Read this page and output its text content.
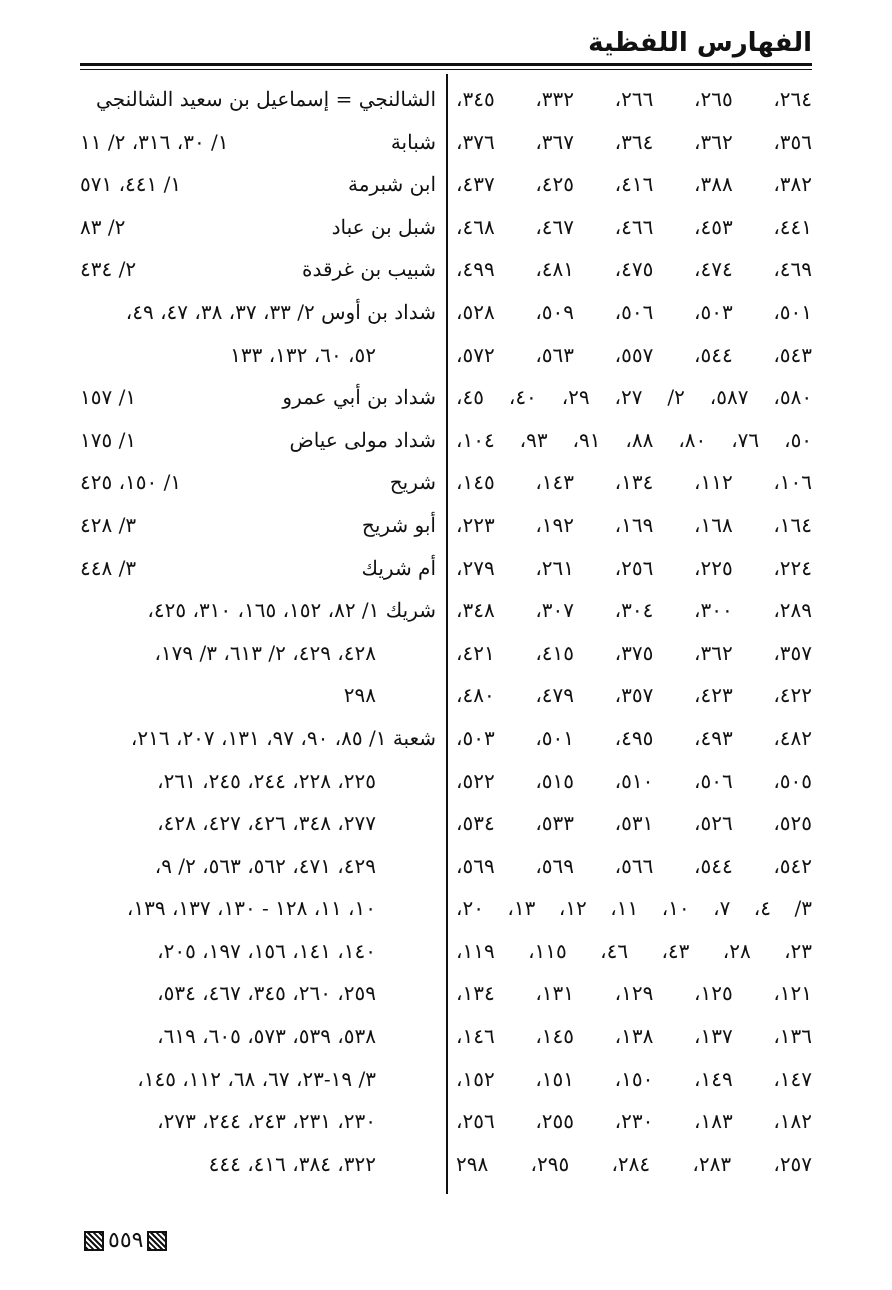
الفهارس اللفظية
٢٦٤، ٢٦٥، ٢٦٦، ٣٣٢، ٣٤٥،
٣٥٦، ٣٦٢، ٣٦٤، ٣٦٧، ٣٧٦،
٣٨٢، ٣٨٨، ٤١٦، ٤٢٥، ٤٣٧،
٤٤١، ٤٥٣، ٤٦٦، ٤٦٧، ٤٦٨،
٤٦٩، ٤٧٤، ٤٧٥، ٤٨١، ٤٩٩،
٥٠١، ٥٠٣، ٥٠٦، ٥٠٩، ٥٢٨،
٥٤٣، ٥٤٤، ٥٥٧، ٥٦٣، ٥٧٢،
٥٨٠، ٥٨٧، ٢/ ٢٧، ٢٩، ٤٠، ٤٥،
٥٠، ٧٦، ٨٠، ٨٨، ٩١، ٩٣، ١٠٤،
١٠٦، ١١٢، ١٣٤، ١٤٣، ١٤٥،
١٦٤، ١٦٨، ١٦٩، ١٩٢، ٢٢٣،
٢٢٤، ٢٢٥، ٢٥٦، ٢٦١، ٢٧٩،
٢٨٩، ٣٠٠، ٣٠٤، ٣٠٧، ٣٤٨،
٣٥٧، ٣٦٢، ٣٧٥، ٤١٥، ٤٢١،
٤٢٢، ٤٢٣، ٣٥٧، ٤٧٩، ٤٨٠،
٤٨٢، ٤٩٣، ٤٩٥، ٥٠١، ٥٠٣،
٥٠٥، ٥٠٦، ٥١٠، ٥١٥، ٥٢٢،
٥٢٥، ٥٢٦، ٥٣١، ٥٣٣، ٥٣٤،
٥٤٢، ٥٤٤، ٥٦٦، ٥٦٩، ٥٦٩،
٣/ ٤، ٧، ١٠، ١١، ١٢، ١٣، ٢٠،
٢٣، ٢٨، ٤٣، ٤٦، ١١٥، ١١٩،
١٢١، ١٢٥، ١٢٩، ١٣١، ١٣٤،
١٣٦، ١٣٧، ١٣٨، ١٤٥، ١٤٦،
١٤٧، ١٤٩، ١٥٠، ١٥١، ١٥٢،
١٨٢، ١٨٣، ٢٣٠، ٢٥٥، ٢٥٦،
٢٥٧، ٢٨٣، ٢٨٤، ٢٩٥، ٢٩٨
الشالنجي = إسماعيل بن سعيد الشالنجي
شبابة
١/ ٣٠، ٣١٦، ٢/ ١١
ابن شبرمة
١/ ٤٤١، ٥٧١
شبل بن عباد
٢/ ٨٣
شبيب بن غرقدة
٢/ ٤٣٤
شداد بن أوس ٢/ ٣٣، ٣٧، ٣٨، ٤٧، ٤٩،
٥٢، ٦٠، ١٣٢، ١٣٣
شداد بن أبي عمرو
١/ ١٥٧
شداد مولى عياض
١/ ١٧٥
شريح
١/ ١٥٠، ٤٢٥
أبو شريح
٣/ ٤٢٨
أم شريك
٣/ ٤٤٨
شريك ١/ ٨٢، ١٥٢، ١٦٥، ٣١٠، ٤٢٥،
٤٢٨، ٤٢٩، ٢/ ٦١٣، ٣/ ١٧٩،
٢٩٨
شعبة ١/ ٨٥، ٩٠، ٩٧، ١٣١، ٢٠٧، ٢١٦،
٢٢٥، ٢٢٨، ٢٤٤، ٢٤٥، ٢٦١،
٢٧٧، ٣٤٨، ٤٢٦، ٤٢٧، ٤٢٨،
٤٢٩، ٤٧١، ٥٦٢، ٥٦٣، ٢/ ٩،
١٠، ١١، ١٢٨ - ١٣٠، ١٣٧، ١٣٩،
١٤٠، ١٤١، ١٥٦، ١٩٧، ٢٠٥،
٢٥٩، ٢٦٠، ٣٤٥، ٤٦٧، ٥٣٤،
٥٣٨، ٥٣٩، ٥٧٣، ٦٠٥، ٦١٩،
٣/ ١٩-٢٣، ٦٧، ٦٨، ١١٢، ١٤٥،
٢٣٠، ٢٣١، ٢٤٣، ٢٤٤، ٢٧٣،
٣٢٢، ٣٨٤، ٤١٦، ٤٤٤
٥٥٩
